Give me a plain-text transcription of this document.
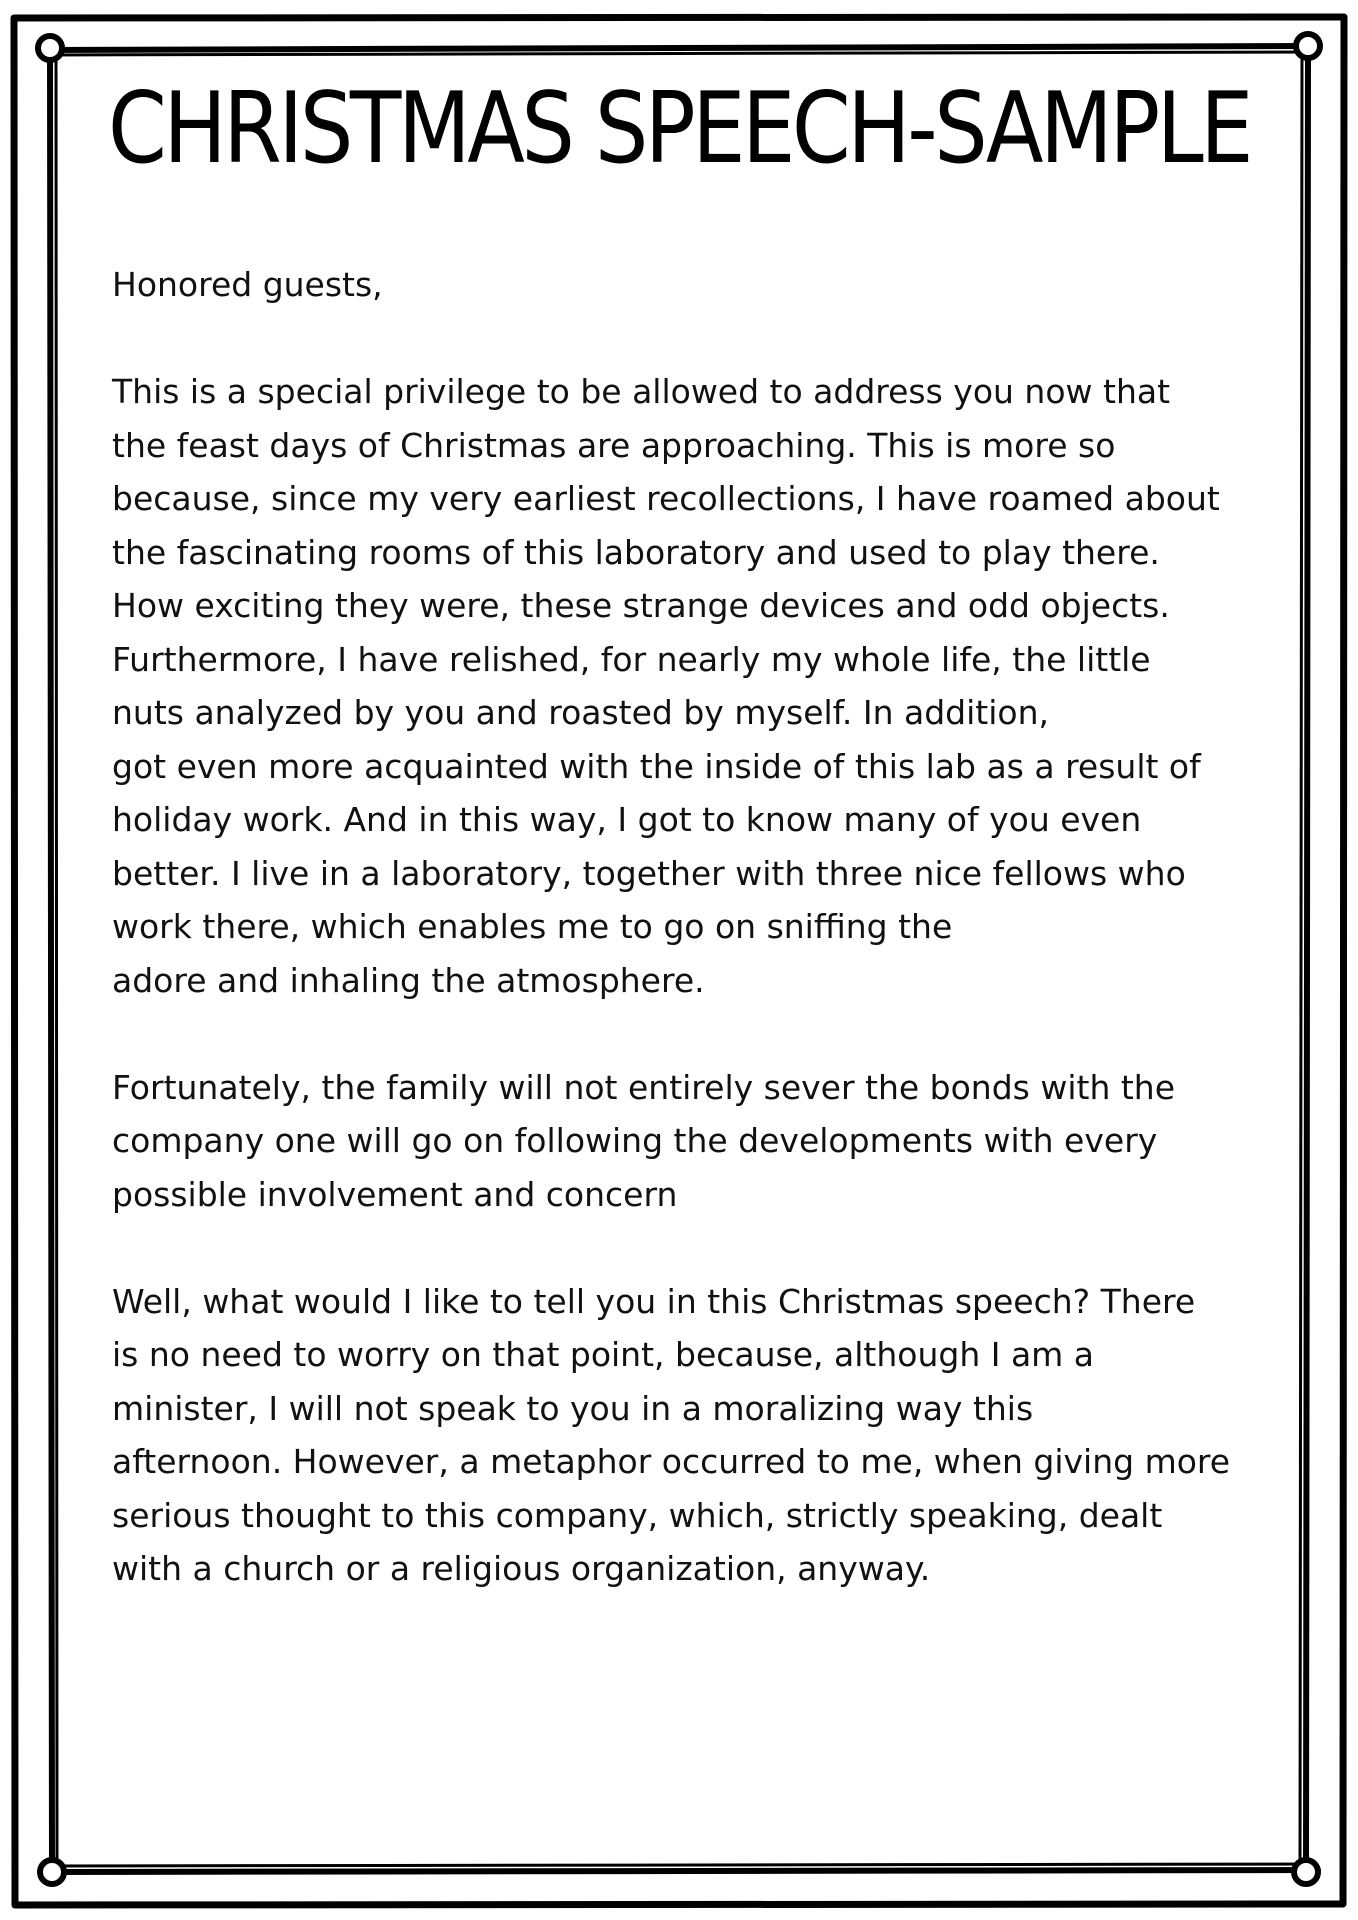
CHRISTMAS SPEECH-SAMPLE

Honored guests,

This is a special privilege to be allowed to address you now that
the feast days of Christmas are approaching. This is more so
because, since my very earliest recollections, I have roamed about
the fascinating rooms of this laboratory and used to play there.
How exciting they were, these strange devices and odd objects.
Furthermore, I have relished, for nearly my whole life, the little
nuts analyzed by you and roasted by myself. In addition,
got even more acquainted with the inside of this lab as a result of
holiday work. And in this way, I got to know many of you even
better. I live in a laboratory, together with three nice fellows who
work there, which enables me to go on sniffing the
adore and inhaling the atmosphere.

Fortunately, the family will not entirely sever the bonds with the
company one will go on following the developments with every
possible involvement and concern

Well, what would I like to tell you in this Christmas speech? There
is no need to worry on that point, because, although I am a
minister, I will not speak to you in a moralizing way this
afternoon. However, a metaphor occurred to me, when giving more
serious thought to this company, which, strictly speaking, dealt
with a church or a religious organization, anyway.
